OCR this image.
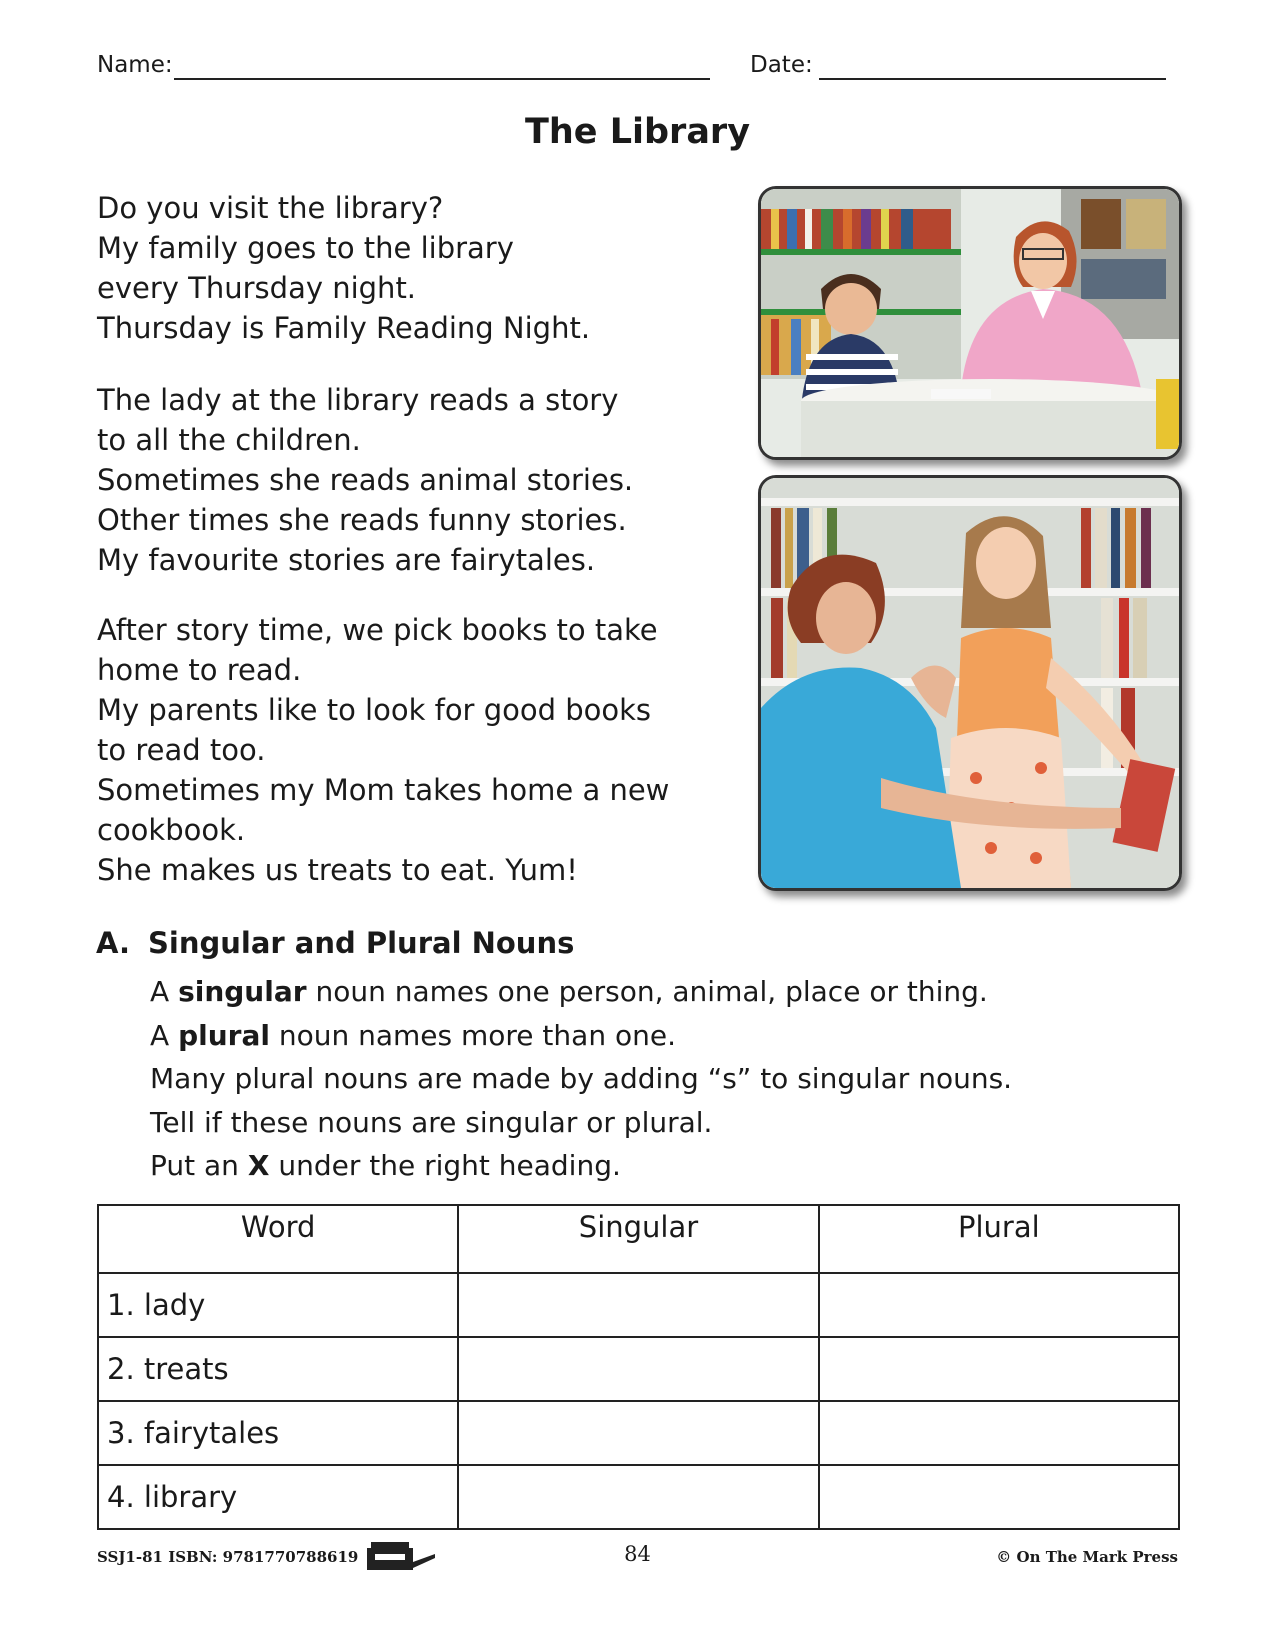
Name:	Date:
The Library
Do you visit the library?
My family goes to the library
every Thursday night.
Thursday is Family Reading Night.
The lady at the library reads a story
to all the children.
Sometimes she reads animal stories.
Other times she reads funny stories.
My favourite stories are fairytales.
After story time, we pick books to take
home to read.
My parents like to look for good books
to read too.
Sometimes my Mom takes home a new
cookbook.
She makes us treats to eat. Yum!
A. Singular and Plural Nouns
A singular noun names one person, animal, place or thing.
A plural noun names more than one.
Many plural nouns are made by adding “s” to singular nouns.
Tell if these nouns are singular or plural.
Put an X under the right heading.
Word	Singular	Plural
1. lady		
2. treats		
3. fairytales		
4. library		
SSJ1-81 ISBN: 9781770788619	84	© On The Mark Press
